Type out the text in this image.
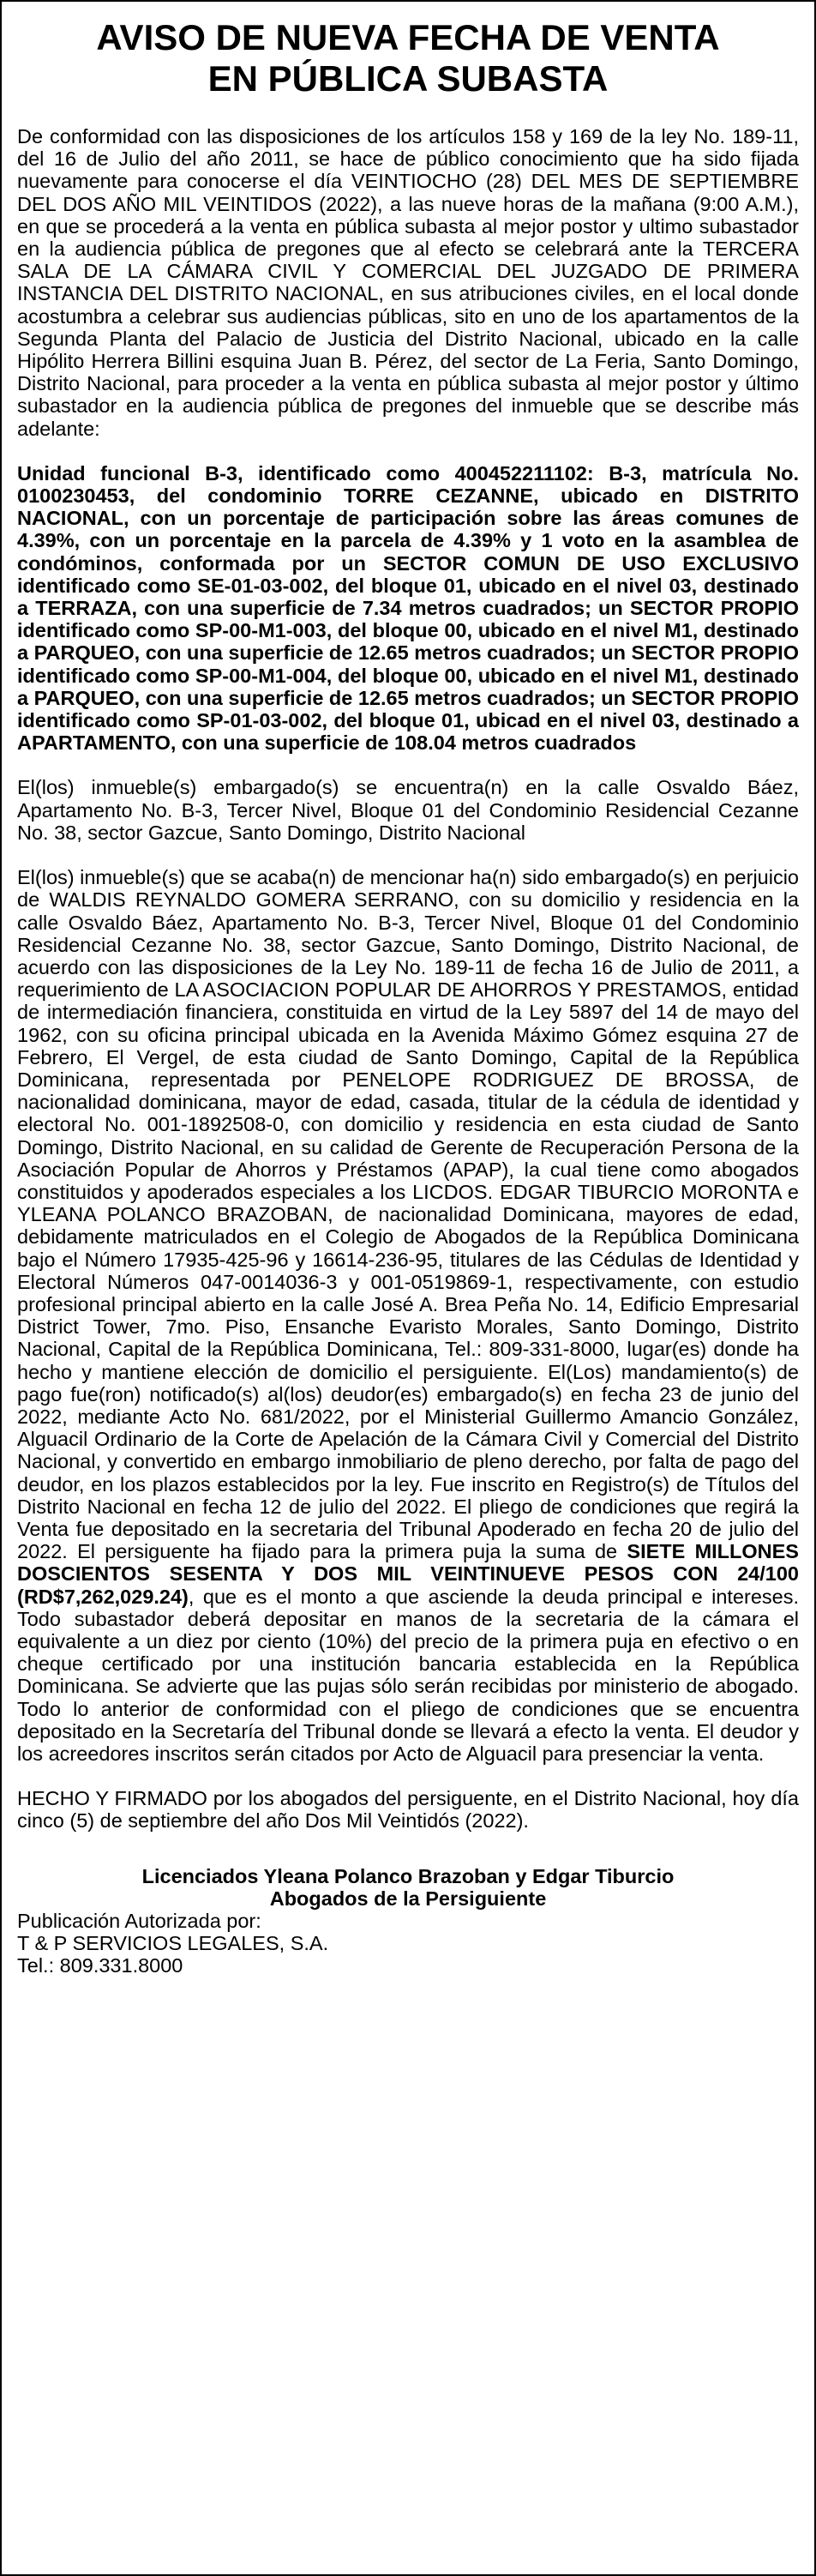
AVISO DE NUEVA FECHA DE VENTA
EN PÚBLICA SUBASTA

De conformidad con las disposiciones de los artículos 158 y 169 de la ley No. 189-11, del 16 de Julio del año 2011, se hace de público conocimiento que ha sido fijada nuevamente para conocerse el día VEINTIOCHO (28) DEL MES DE SEPTIEMBRE DEL DOS AÑO MIL VEINTIDOS (2022), a las nueve horas de la mañana (9:00 A.M.), en que se procederá a la venta en pública subasta al mejor postor y ultimo subastador en la audiencia pública de pregones que al efecto se celebrará ante la TERCERA SALA DE LA CÁMARA CIVIL Y COMERCIAL DEL JUZGADO DE PRIMERA INSTANCIA DEL DISTRITO NACIONAL, en sus atribuciones civiles, en el local donde acostumbra a celebrar sus audiencias públicas, sito en uno de los apartamentos de la Segunda Planta del Palacio de Justicia del Distrito Nacional, ubicado en la calle Hipólito Herrera Billini esquina Juan B. Pérez, del sector de La Feria, Santo Domingo, Distrito Nacional, para proceder a la venta en pública subasta al mejor postor y último subastador en la audiencia pública de pregones del inmueble que se describe más adelante:

Unidad funcional B-3, identificado como 400452211102: B-3, matrícula No. 0100230453, del condominio TORRE CEZANNE, ubicado en DISTRITO NACIONAL, con un porcentaje de participación sobre las áreas comunes de 4.39%, con un porcentaje en la parcela de 4.39% y 1 voto en la asamblea de condóminos, conformada por un SECTOR COMUN DE USO EXCLUSIVO identificado como SE-01-03-002, del bloque 01, ubicado en el nivel 03, destinado a TERRAZA, con una superficie de 7.34 metros cuadrados; un SECTOR PROPIO identificado como SP-00-M1-003, del bloque 00, ubicado en el nivel M1, destinado a PARQUEO, con una superficie de 12.65 metros cuadrados; un SECTOR PROPIO identificado como SP-00-M1-004, del bloque 00, ubicado en el nivel M1, destinado a PARQUEO, con una superficie de 12.65 metros cuadrados; un SECTOR PROPIO identificado como SP-01-03-002, del bloque 01, ubicad en el nivel 03, destinado a APARTAMENTO, con una superficie de 108.04 metros cuadrados

El(los) inmueble(s) embargado(s) se encuentra(n) en la calle Osvaldo Báez, Apartamento No. B-3, Tercer Nivel, Bloque 01 del Condominio Residencial Cezanne No. 38, sector Gazcue, Santo Domingo, Distrito Nacional

El(los) inmueble(s) que se acaba(n) de mencionar ha(n) sido embargado(s) en perjuicio de WALDIS REYNALDO GOMERA SERRANO, con su domicilio y residencia en la calle Osvaldo Báez, Apartamento No. B-3, Tercer Nivel, Bloque 01 del Condominio Residencial Cezanne No. 38, sector Gazcue, Santo Domingo, Distrito Nacional, de acuerdo con las disposiciones de la Ley No. 189-11 de fecha 16 de Julio de 2011, a requerimiento de LA ASOCIACION POPULAR DE AHORROS Y PRESTAMOS, entidad de intermediación financiera, constituida en virtud de la Ley 5897 del 14 de mayo del 1962, con su oficina principal ubicada en la Avenida Máximo Gómez esquina 27 de Febrero, El Vergel, de esta ciudad de Santo Domingo, Capital de la República Dominicana, representada por PENELOPE RODRIGUEZ DE BROSSA, de nacionalidad dominicana, mayor de edad, casada, titular de la cédula de identidad y electoral No. 001-1892508-0, con domicilio y residencia en esta ciudad de Santo Domingo, Distrito Nacional, en su calidad de Gerente de Recuperación Persona de la Asociación Popular de Ahorros y Préstamos (APAP), la cual tiene como abogados constituidos y apoderados especiales a los LICDOS. EDGAR TIBURCIO MORONTA e YLEANA POLANCO BRAZOBAN, de nacionalidad Dominicana, mayores de edad, debidamente matriculados en el Colegio de Abogados de la República Dominicana bajo el Número 17935-425-96 y 16614-236-95, titulares de las Cédulas de Identidad y Electoral Números 047-0014036-3 y 001-0519869-1, respectivamente, con estudio profesional principal abierto en la calle José A. Brea Peña No. 14, Edificio Empresarial District Tower, 7mo. Piso, Ensanche Evaristo Morales, Santo Domingo, Distrito Nacional, Capital de la República Dominicana, Tel.: 809-331-8000, lugar(es) donde ha hecho y mantiene elección de domicilio el persiguiente. El(Los) mandamiento(s) de pago fue(ron) notificado(s) al(los) deudor(es) embargado(s) en fecha 23 de junio del 2022, mediante Acto No. 681/2022, por el Ministerial Guillermo Amancio González, Alguacil Ordinario de la Corte de Apelación de la Cámara Civil y Comercial del Distrito Nacional, y convertido en embargo inmobiliario de pleno derecho, por falta de pago del deudor, en los plazos establecidos por la ley. Fue inscrito en Registro(s) de Títulos del Distrito Nacional en fecha 12 de julio del 2022. El pliego de condiciones que regirá la Venta fue depositado en la secretaria del Tribunal Apoderado en fecha 20 de julio del 2022. El persiguente ha fijado para la primera puja la suma de SIETE MILLONES DOSCIENTOS SESENTA Y DOS MIL VEINTINUEVE PESOS CON 24/100 (RD$7,262,029.24), que es el monto a que asciende la deuda principal e intereses. Todo subastador deberá depositar en manos de la secretaria de la cámara el equivalente a un diez por ciento (10%) del precio de la primera puja en efectivo o en cheque certificado por una institución bancaria establecida en la República Dominicana. Se advierte que las pujas sólo serán recibidas por ministerio de abogado. Todo lo anterior de conformidad con el pliego de condiciones que se encuentra depositado en la Secretaría del Tribunal donde se llevará a efecto la venta. El deudor y los acreedores inscritos serán citados por Acto de Alguacil para presenciar la venta.

HECHO Y FIRMADO por los abogados del persiguente, en el Distrito Nacional, hoy día cinco (5) de septiembre del año Dos Mil Veintidós (2022).

Licenciados Yleana Polanco Brazoban y Edgar Tiburcio
Abogados de la Persiguiente
Publicación Autorizada por:
T & P SERVICIOS LEGALES, S.A.
Tel.: 809.331.8000
